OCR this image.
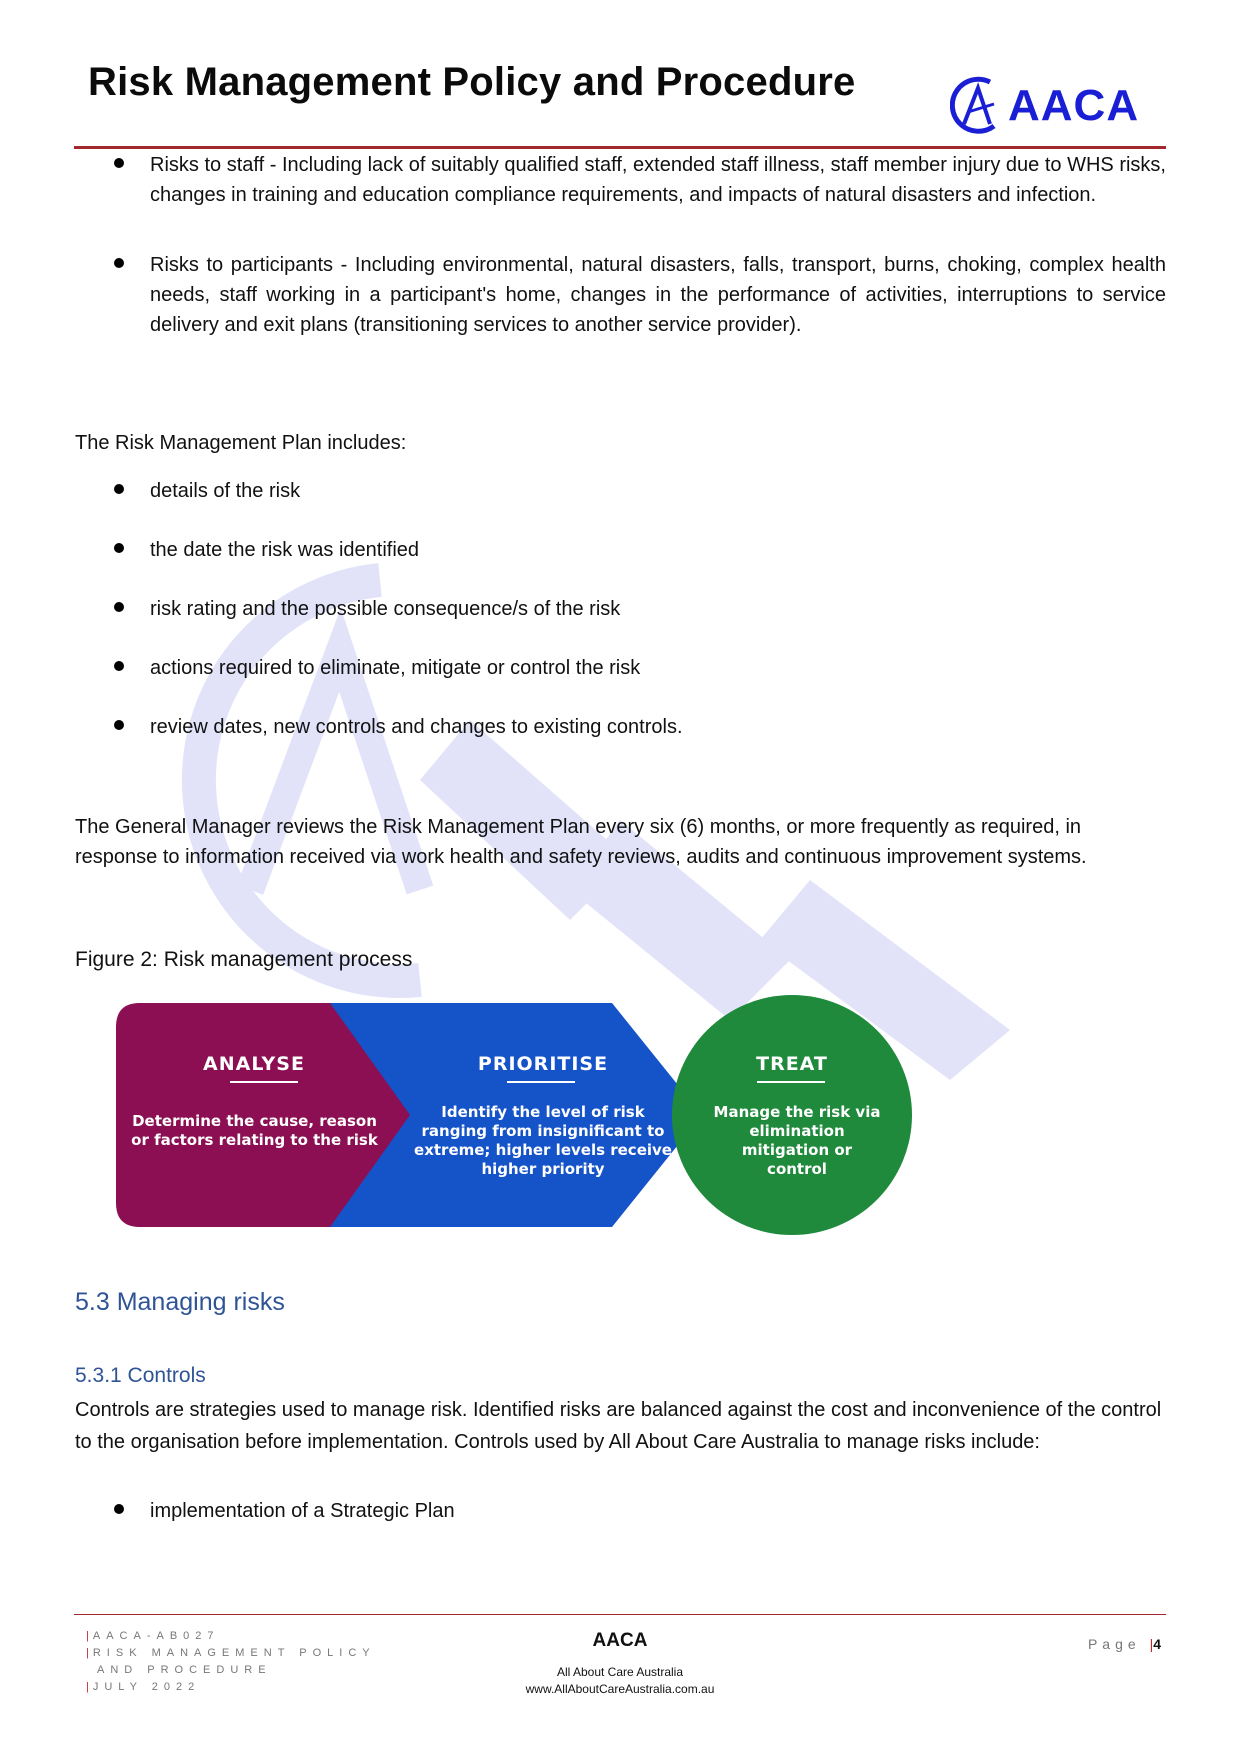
Risk Management Policy and Procedure	AACA
Risks to staff - Including lack of suitably qualified staff, extended staff illness, staff member injury due to WHS risks, changes in training and education compliance requirements, and impacts of natural disasters and infection.
Risks to participants - Including environmental, natural disasters, falls, transport, burns, choking, complex health needs, staff working in a participant's home, changes in the performance of activities, interruptions to service delivery and exit plans (transitioning services to another service provider).

The Risk Management Plan includes:

details of the risk
the date the risk was identified
risk rating and the possible consequence/s of the risk
actions required to eliminate, mitigate or control the risk
review dates, new controls and changes to existing controls.

The General Manager reviews the Risk Management Plan every six (6) months, or more frequently as required, in response to information received via work health and safety reviews, audits and continuous improvement systems.

Figure 2: Risk management process

ANALYSE
Determine the cause, reason or factors relating to the risk
PRIORITISE
Identify the level of risk ranging from insignificant to extreme; higher levels receive higher priority
TREAT
Manage the risk via elimination mitigation or control
5.3 Managing risks
5.3.1 Controls

Controls are strategies used to manage risk. Identified risks are balanced against the cost and inconvenience of the control to the organisation before implementation. Controls used by All About Care Australia to manage risks include:

implementation of a Strategic Plan
| AACA-AB027
| RISK MANAGEMENT POLICY
AND PROCEDURE
| JULY 2022
AACA
All About Care Australia
www.AllAboutCareAustralia.com.au
Page |4
